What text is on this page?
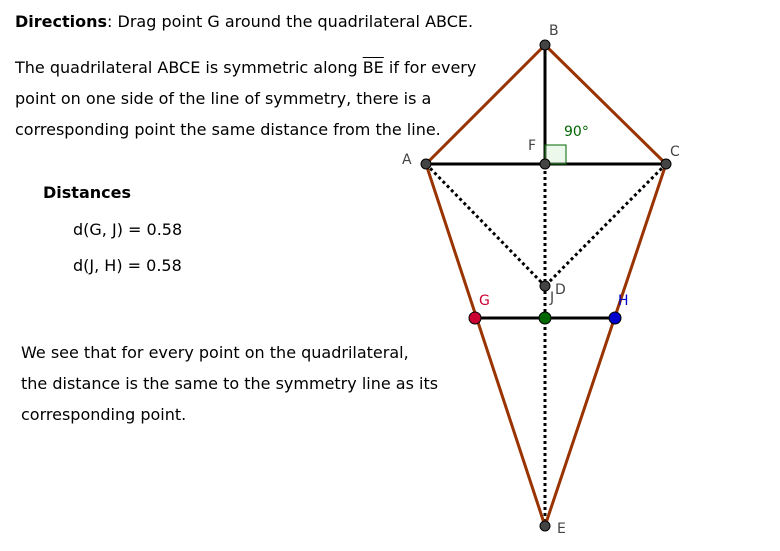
Directions: Drag point G around the quadrilateral ABCE.
The quadrilateral ABCE is symmetric along $\overline{BE}$ if for every
point on one side of the line of symmetry, there is a
corresponding point the same distance from the line.
Distances
d(G, J) = 0.58
d(J, H) = 0.58
We see that for every point on the quadrilateral,
the distance is the same to the symmetry line as its
corresponding point.
90°
B
A	C
F
D
J
E
G	H
